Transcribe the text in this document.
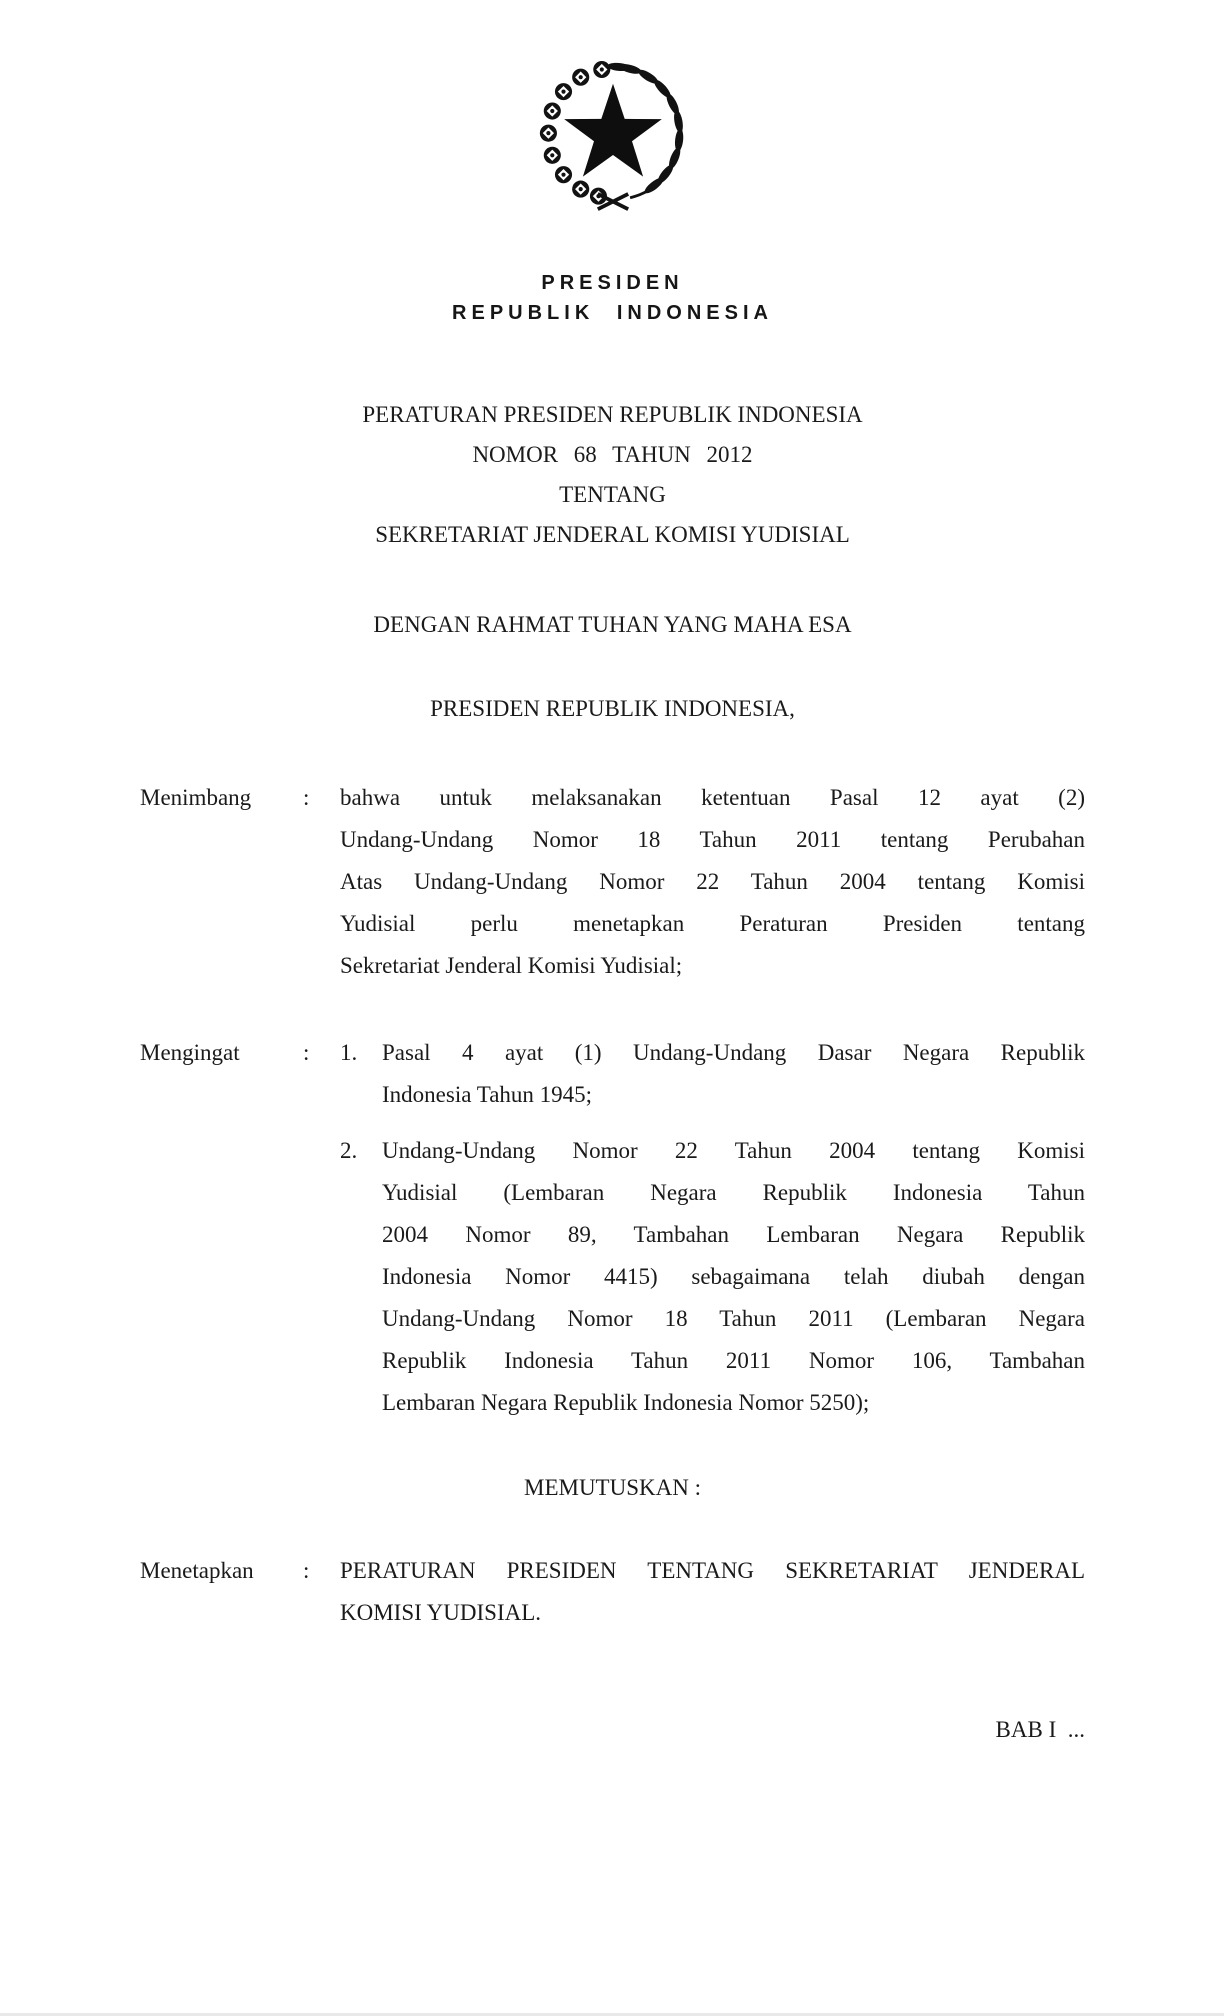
PRESIDEN
REPUBLIK INDONESIA
PERATURAN PRESIDEN REPUBLIK INDONESIA
NOMOR 68 TAHUN 2012
TENTANG
SEKRETARIAT JENDERAL KOMISI YUDISIAL
DENGAN RAHMAT TUHAN YANG MAHA ESA
PRESIDEN REPUBLIK INDONESIA,
Menimbang	:	bahwa untuk melaksanakan ketentuan Pasal 12 ayat (2)
Undang-Undang Nomor 18 Tahun 2011 tentang Perubahan
Atas Undang-Undang Nomor 22 Tahun 2004 tentang Komisi
Yudisial perlu menetapkan Peraturan Presiden tentang
Sekretariat Jenderal Komisi Yudisial;
Mengingat	:	1.	Pasal 4 ayat (1) Undang-Undang Dasar Negara Republik
Indonesia Tahun 1945;
2.	Undang-Undang Nomor 22 Tahun 2004 tentang Komisi
Yudisial (Lembaran Negara Republik Indonesia Tahun
2004 Nomor 89, Tambahan Lembaran Negara Republik
Indonesia Nomor 4415) sebagaimana telah diubah dengan
Undang-Undang Nomor 18 Tahun 2011 (Lembaran Negara
Republik Indonesia Tahun 2011 Nomor 106, Tambahan
Lembaran Negara Republik Indonesia Nomor 5250);
MEMUTUSKAN :
Menetapkan	:	PERATURAN PRESIDEN TENTANG SEKRETARIAT JENDERAL
KOMISI YUDISIAL.
BAB I  ...
